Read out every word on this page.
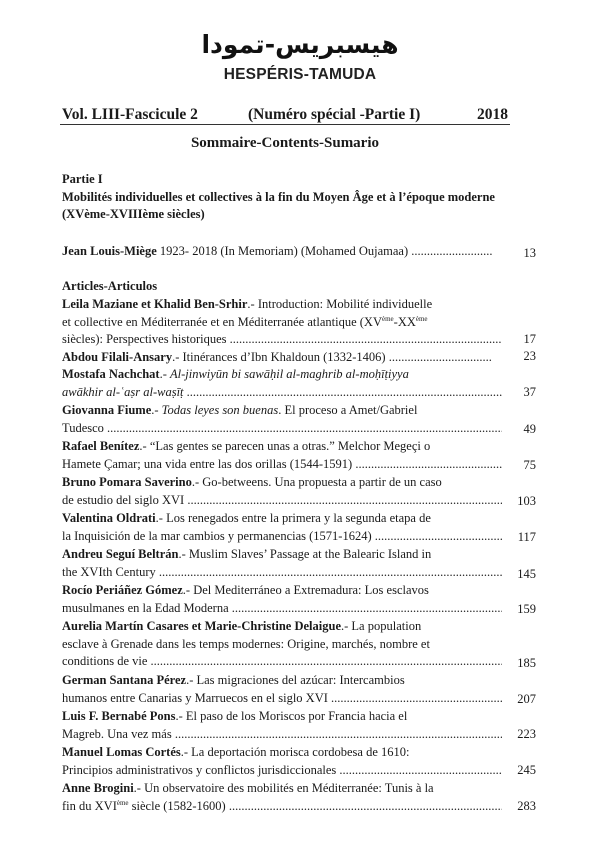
هيسبريس-تمودا
HESPÉRIS-TAMUDA
Vol. LIII-Fascicule 2	(Numéro spécial -Partie I)	2018
Sommaire-Contents-Sumario
Partie I
Mobilités individuelles et collectives à la fin du Moyen Âge et à l’époque moderne (XVème-XVIIIème siècles)
Jean Louis-Miège 1923- 2018 (In Memoriam) (Mohamed Oujamaa) .....	13
Articles-Articulos
Leila Maziane et Khalid Ben-Srhir.- Introduction: Mobilité individuelle
et collective en Méditerranée et en Méditerranée atlantique (XVème-XXème
siècles): Perspectives historiques .....	17
Abdou Filali-Ansary.- Itinérances d’Ibn Khaldoun (1332-1406) .....	23
Mostafa Nachchat.- Al-jinwiyūn bi sawāḥil al-maghrib al-moḥīṭiyya
awākhir al-ʿaṣr al-waṣīṭ .....	37
Giovanna Fiume.- Todas leyes son buenas. El proceso a Amet/Gabriel
Tudesco .....	49
Rafael Benítez.- “Las gentes se parecen unas a otras.” Melchor Megeçi o
Hamete Çamar; una vida entre las dos orillas (1544-1591) .....	75
Bruno Pomara Saverino.- Go-betweens. Una propuesta a partir de un caso
de estudio del siglo XVI .....	103
Valentina Oldrati.- Los renegados entre la primera y la segunda etapa de
la Inquisición de la mar cambios y permanencias (1571-1624) .....	117
Andreu Seguí Beltrán.- Muslim Slaves’ Passage at the Balearic Island in
the XVIth Century .....	145
Rocío Periáñez Gómez.- Del Mediterráneo a Extremadura: Los esclavos
musulmanes en la Edad Moderna .....	159
Aurelia Martín Casares et Marie-Christine Delaigue.- La population
esclave à Grenade dans les temps modernes: Origine, marchés, nombre et
conditions de vie .....	185
German Santana Pérez.- Las migraciones del azúcar: Intercambios
humanos entre Canarias y Marruecos en el siglo XVI .....	207
Luis F. Bernabé Pons.- El paso de los Moriscos por Francia hacia el
Magreb. Una vez más .....	223
Manuel Lomas Cortés.- La deportación morisca cordobesa de 1610:
Principios administrativos y conflictos jurisdiccionales .....	245
Anne Brogini.- Un observatoire des mobilités en Méditerranée: Tunis à la
fin du XVIème siècle (1582-1600) .....	283
